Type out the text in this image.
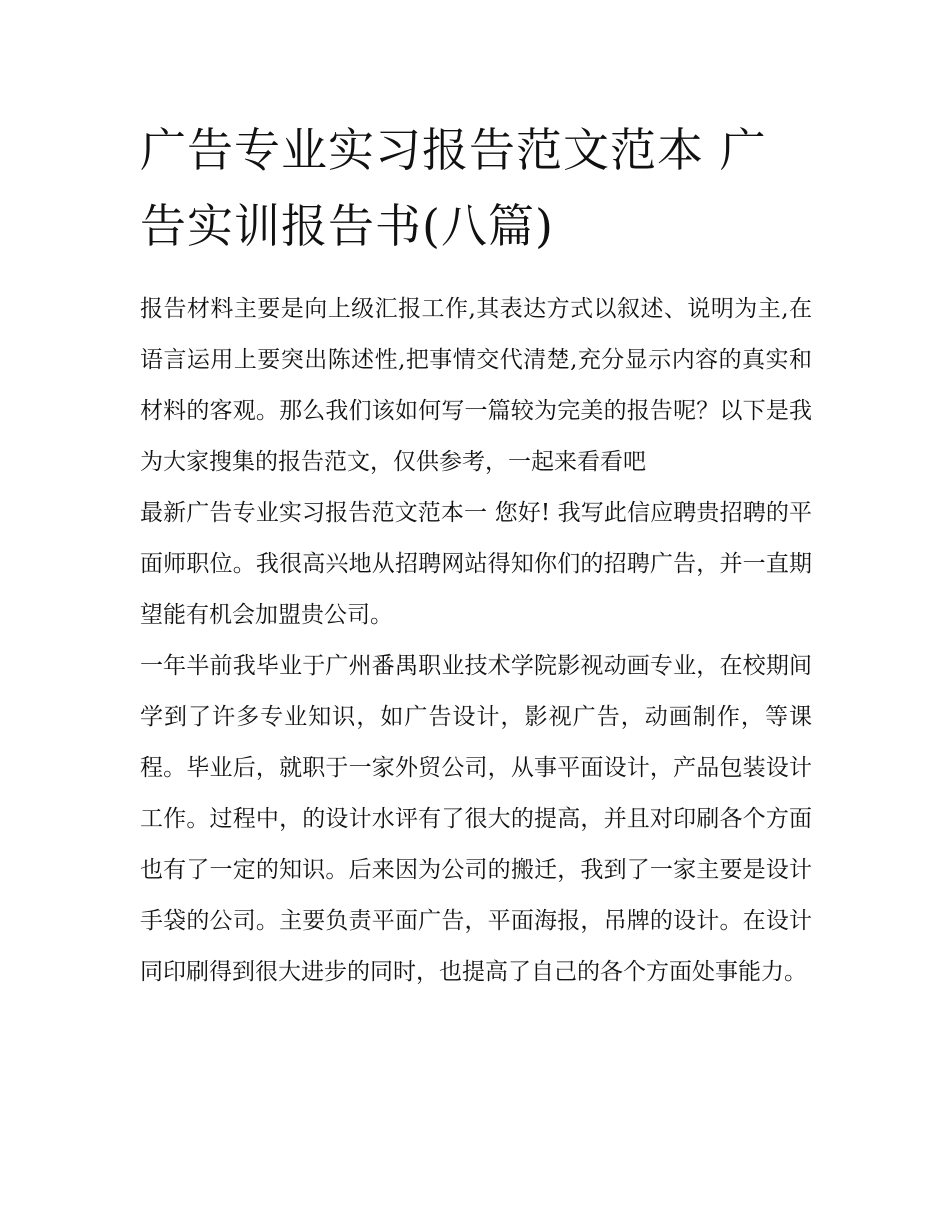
广告专业实习报告范文范本 广告实训报告书(八篇)

报告材料主要是向上级汇报工作,其表达方式以叙述、说明为主,在语言运用上要突出陈述性,把事情交代清楚,充分显示内容的真实和材料的客观。那么我们该如何写一篇较为完美的报告呢？以下是我为大家搜集的报告范文，仅供参考，一起来看看吧

最新广告专业实习报告范文范本一 您好! 我写此信应聘贵招聘的平面师职位。我很高兴地从招聘网站得知你们的招聘广告，并一直期望能有机会加盟贵公司。

一年半前我毕业于广州番禺职业技术学院影视动画专业，在校期间学到了许多专业知识，如广告设计，影视广告，动画制作，等课程。毕业后，就职于一家外贸公司，从事平面设计，产品包装设计工作。过程中，的设计水评有了很大的提高，并且对印刷各个方面也有了一定的知识。后来因为公司的搬迁，我到了一家主要是设计手袋的公司。主要负责平面广告，平面海报，吊牌的设计。在设计同印刷得到很大进步的同时，也提高了自己的各个方面处事能力。
